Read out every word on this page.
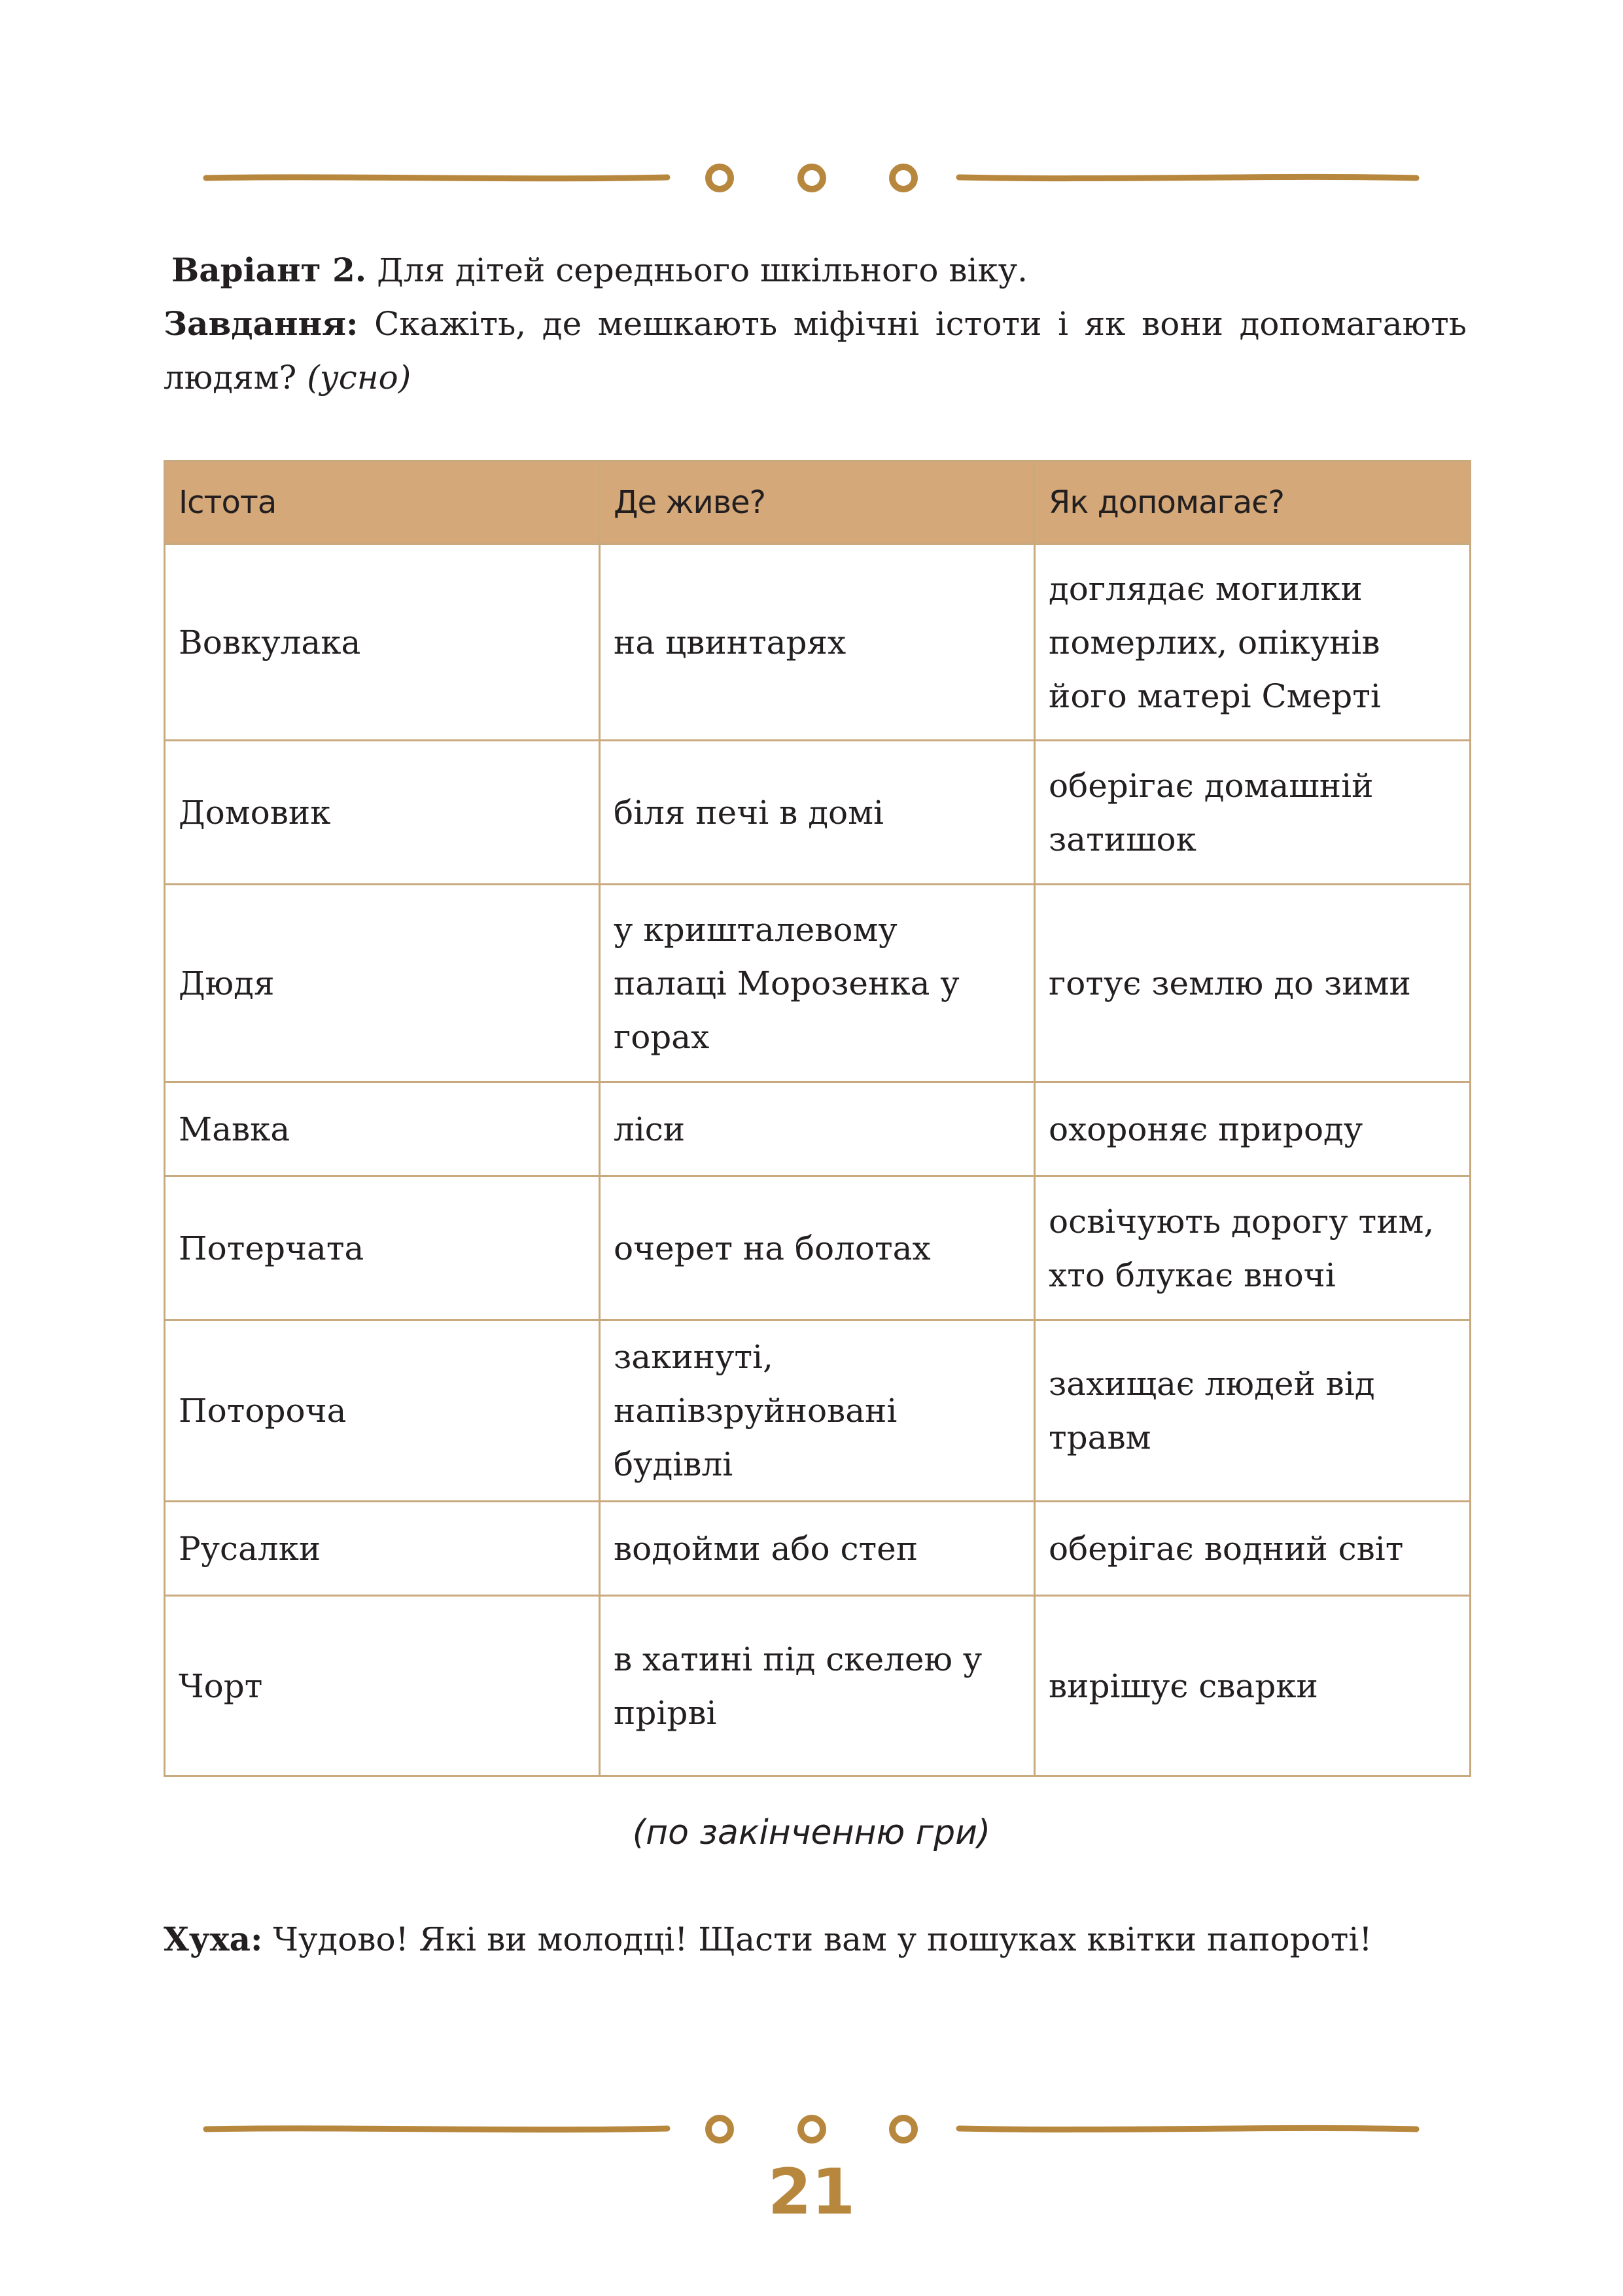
Варіант 2. Для дітей середнього шкільного віку.

Завдання: Скажіть, де мешкають міфічні істоти і як вони допомагають людям? (усно)

Істота	Де живе?	Як допомагає?
Вовкулака	на цвинтарях	доглядає могилки померлих, опікунів його матері Смерті
Домовик	біля печі в домі	оберігає домашній затишок
Дюдя	у кришталевому палаці Морозенка у горах	готує землю до зими
Мавка	ліси	охороняє природу
Потерчата	очерет на болотах	освічують дорогу тим, хто блукає вночі
Потороча	закинуті, напівзруйновані будівлі	захищає людей від травм
Русалки	водойми або степ	оберігає водний світ
Чорт	в хатині під скелею у прірві	вирішує сварки
(по закінченню гри)

Хуха: Чудово! Які ви молодці! Щасти вам у пошуках квітки папороті!

21
